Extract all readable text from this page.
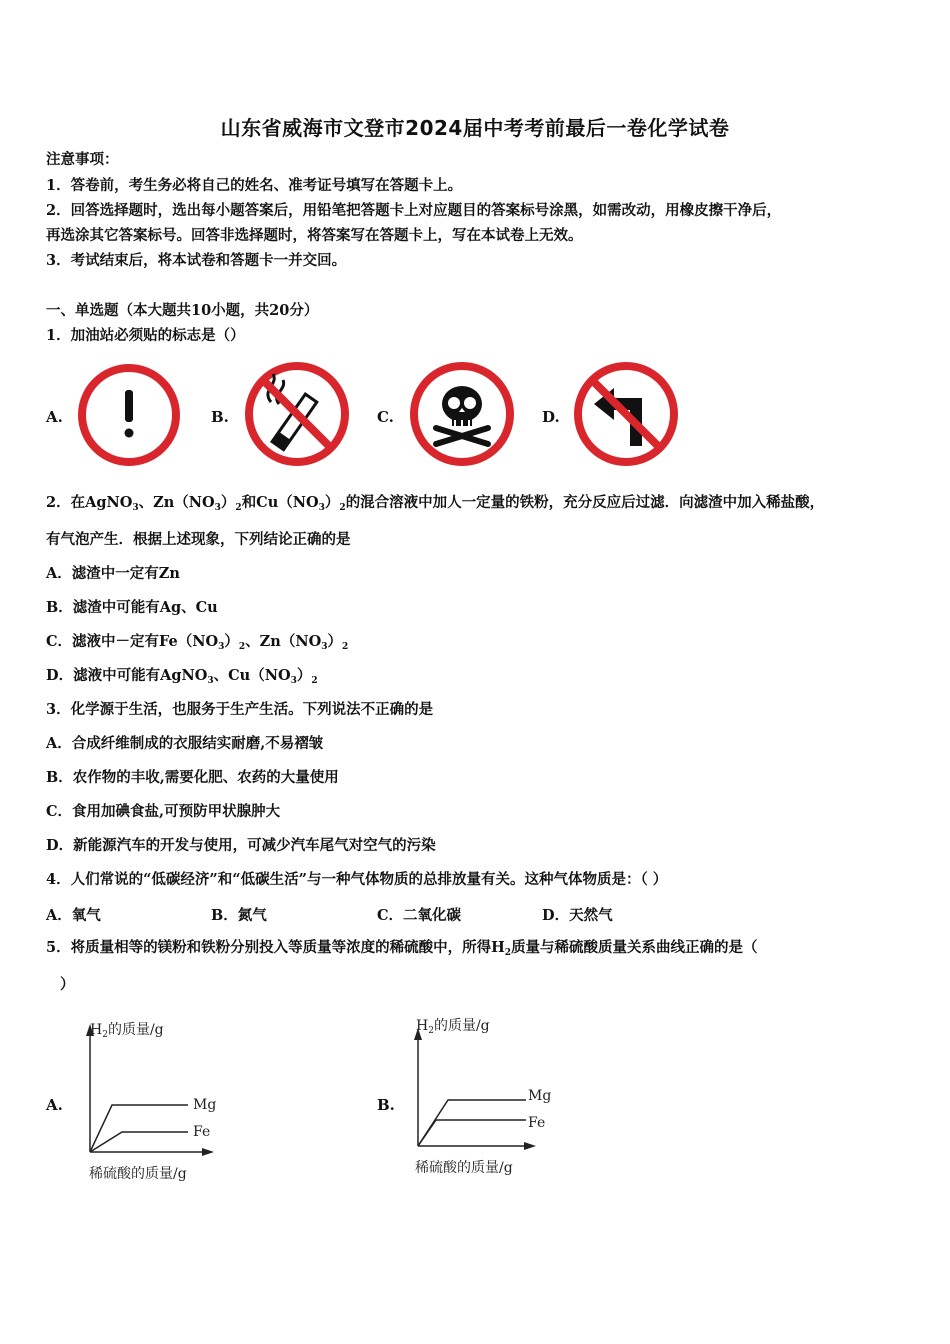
山东省威海市文登市2024届中考考前最后一卷化学试卷
注意事项：
1．答卷前，考生务必将自己的姓名、准考证号填写在答题卡上。
2．回答选择题时，选出每小题答案后，用铅笔把答题卡上对应题目的答案标号涂黑，如需改动，用橡皮擦干净后，
再选涂其它答案标号。回答非选择题时，将答案写在答题卡上，写在本试卷上无效。
3．考试结束后，将本试卷和答题卡一并交回。
一、单选题（本大题共10小题，共20分）
1．加油站必须贴的标志是（）
A.	B.	C.	D.
2．在AgNO$_3$、$Zn(NO_3)_2$和$Cu(NO_3)_2$的混合溶液中加人一定量的铁粉，充分反应后过滤．向滤渣中加入稀盐酸，
有气泡产生．根据上述现象，下列结论正确的是
A．滤渣中一定有Zn
B．滤渣中可能有Ag、Cu
C．滤液中－定有$Fe(NO_3)_2$、$Zn(NO_3)_2$
D．滤液中可能有AgNO$_3$、$Cu(NO_3)_2$
3．化学源于生活，也服务于生产生活。下列说法不正确的是
A．合成纤维制成的衣服结实耐磨,不易褶皱
B．农作物的丰收,需要化肥、农药的大量使用
C．食用加碘食盐,可预防甲状腺肿大
D．新能源汽车的开发与使用，可减少汽车尾气对空气的污染
4．人们常说的“低碳经济”和“低碳生活”与一种气体物质的总排放量有关。这种气体物质是：（ ）
A．氧气	B．氮气	C．二氧化碳	D．天然气
5．将质量相等的镁粉和铁粉分别投入等质量等浓度的稀硫酸中，所得$H_2$质量与稀硫酸质量关系曲线正确的是（
）
A.
$H_2$的质量/g
Mg
Fe
稀硫酸的质量/g
B.
$H_2$的质量/g
Mg
Fe
稀硫酸的质量/g
